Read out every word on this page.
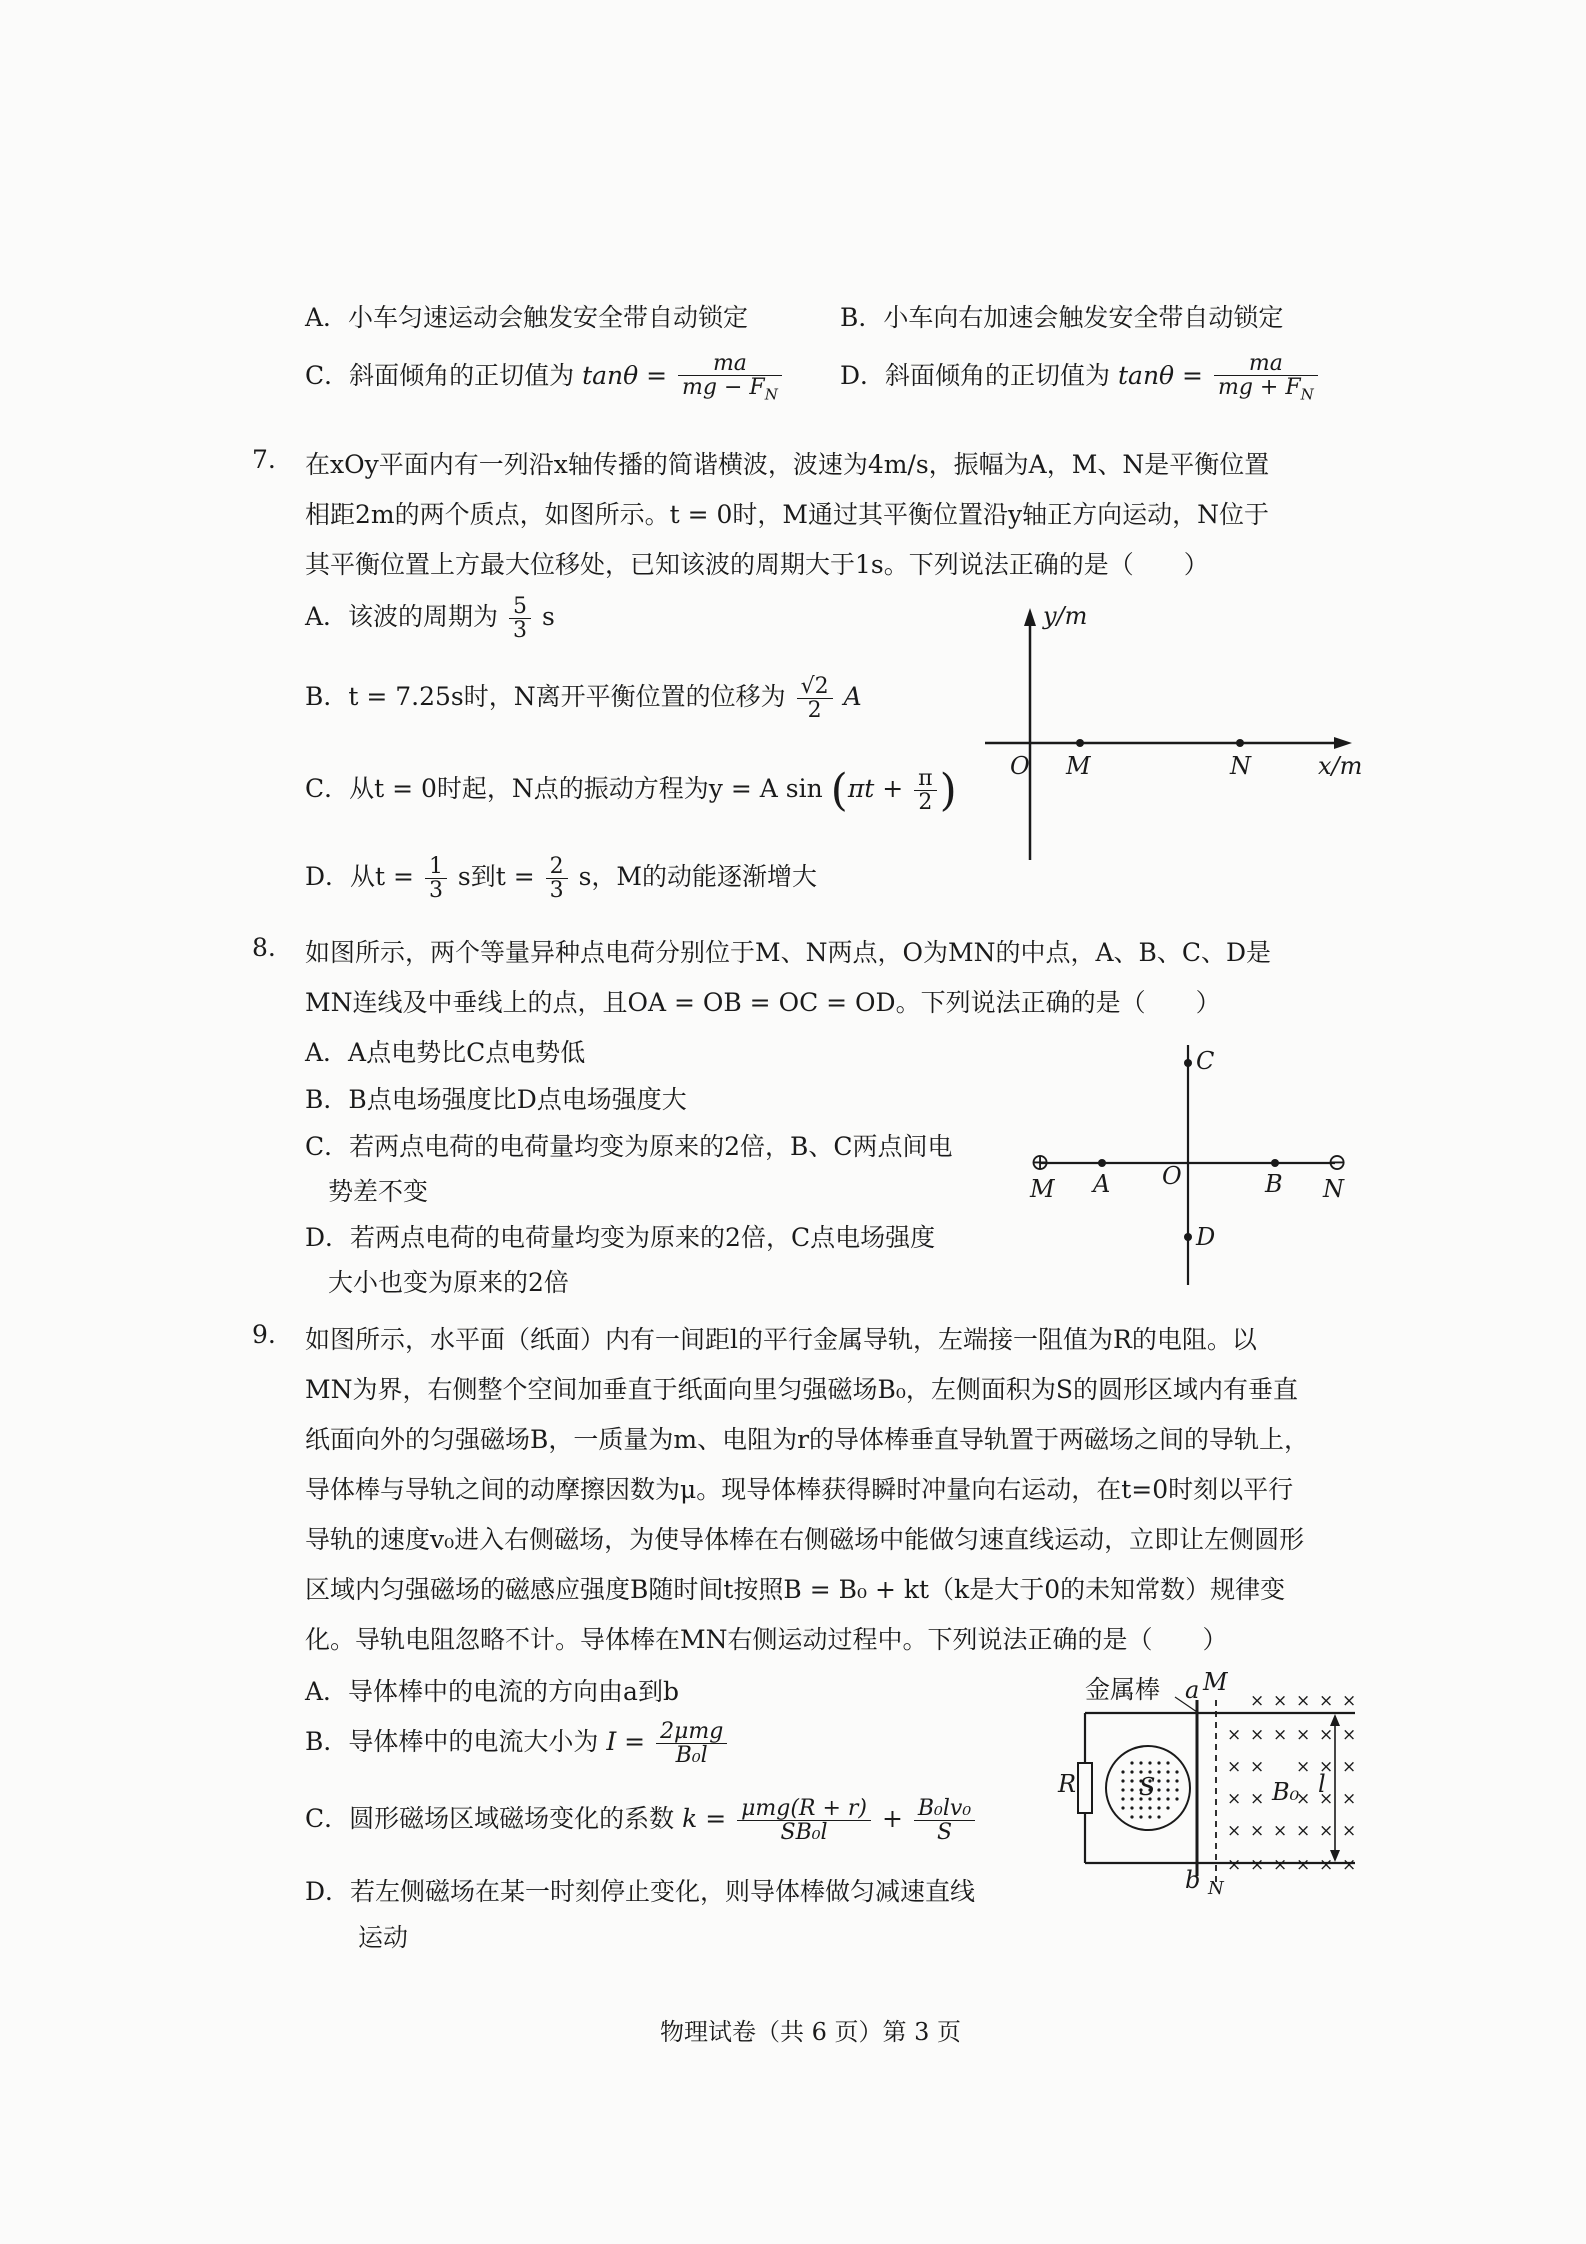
A．小车匀速运动会触发安全带自动锁定	B．小车向右加速会触发安全带自动锁定
C．斜面倾角的正切值为 $\tan\theta = \frac{ma}{mg - F_N}$ D．斜面倾角的正切值为 $\tan\theta = \frac{ma}{mg + F_N}$
7. 在xOy平面内有一列沿x轴传播的简谐横波，波速为4m/s，振幅为A，M、N是平衡位置
相距2m的两个质点，如图所示。t = 0时，M通过其平衡位置沿y轴正方向运动，N位于
其平衡位置上方最大位移处，已知该波的周期大于1s。下列说法正确的是（　　）
A．该波的周期为 $\frac{5}{3}$ s
B．t = 7.25s时，N离开平衡位置的位移为 $\frac{√2}{2}$ A
C．从t = 0时起，N点的振动方程为y = A $\sin (\pi t + \frac{\pi}{2}$ )
D．从$t = \frac{1}{3}$ s到$t = \frac{2}{3}$ s，M的动能逐渐增大
y/m
x/m
O M	N
8. 如图所示，两个等量异种点电荷分别位于M、N两点，O为MN的中点，A、B、C、D是
MN连线及中垂线上的点，且OA = OB = OC = OD。下列说法正确的是（　　）
A．A点电势比C点电势低
B．B点电场强度比D点电场强度大
C．若两点电荷的电荷量均变为原来的2倍，B、C两点间电
势差不变
D．若两点电荷的电荷量均变为原来的2倍，C点电场强度
大小也变为原来的2倍
⊕	⊖
M A O	B N
C
D
9. 如图所示，水平面（纸面）内有一间距l的平行金属导轨，左端接一阻值为R的电阻。以
MN为界，右侧整个空间加垂直于纸面向里匀强磁场B₀，左侧面积为S的圆形区域内有垂直
纸面向外的匀强磁场B，一质量为m、电阻为r的导体棒垂直导轨置于两磁场之间的导轨上，
导体棒与导轨之间的动摩擦因数为μ。现导体棒获得瞬时冲量向右运动，在t=0时刻以平行
导轨的速度v₀进入右侧磁场，为使导体棒在右侧磁场中能做匀速直线运动，立即让左侧圆形
区域内匀强磁场的磁感应强度B随时间t按照B = B₀ + kt（k是大于0的未知常数）规律变
化。导轨电阻忽略不计。导体棒在MN右侧运动过程中。下列说法正确的是（　　）
A．导体棒中的电流的方向由a到b
B．导体棒中的电流大小为 $I = \frac{\text{2μmg}}{\text{B₀l}}$
C．圆形磁场区域磁场变化的系数 $k = \frac{\text{μmg(R + r)}}{\text{SB₀l}} + \frac{\text{B₀lv₀}}{S}$
D．若左侧磁场在某一时刻停止变化，则导体棒做匀减速直线
运动
× × × × ×
× × × × × ×
× × × × ×
× × × × ×
× × × × × ×
× × × × × ×
金属棒 a M
b N
R	S	B₀ l
物理试卷（共 6 页）第 3 页
